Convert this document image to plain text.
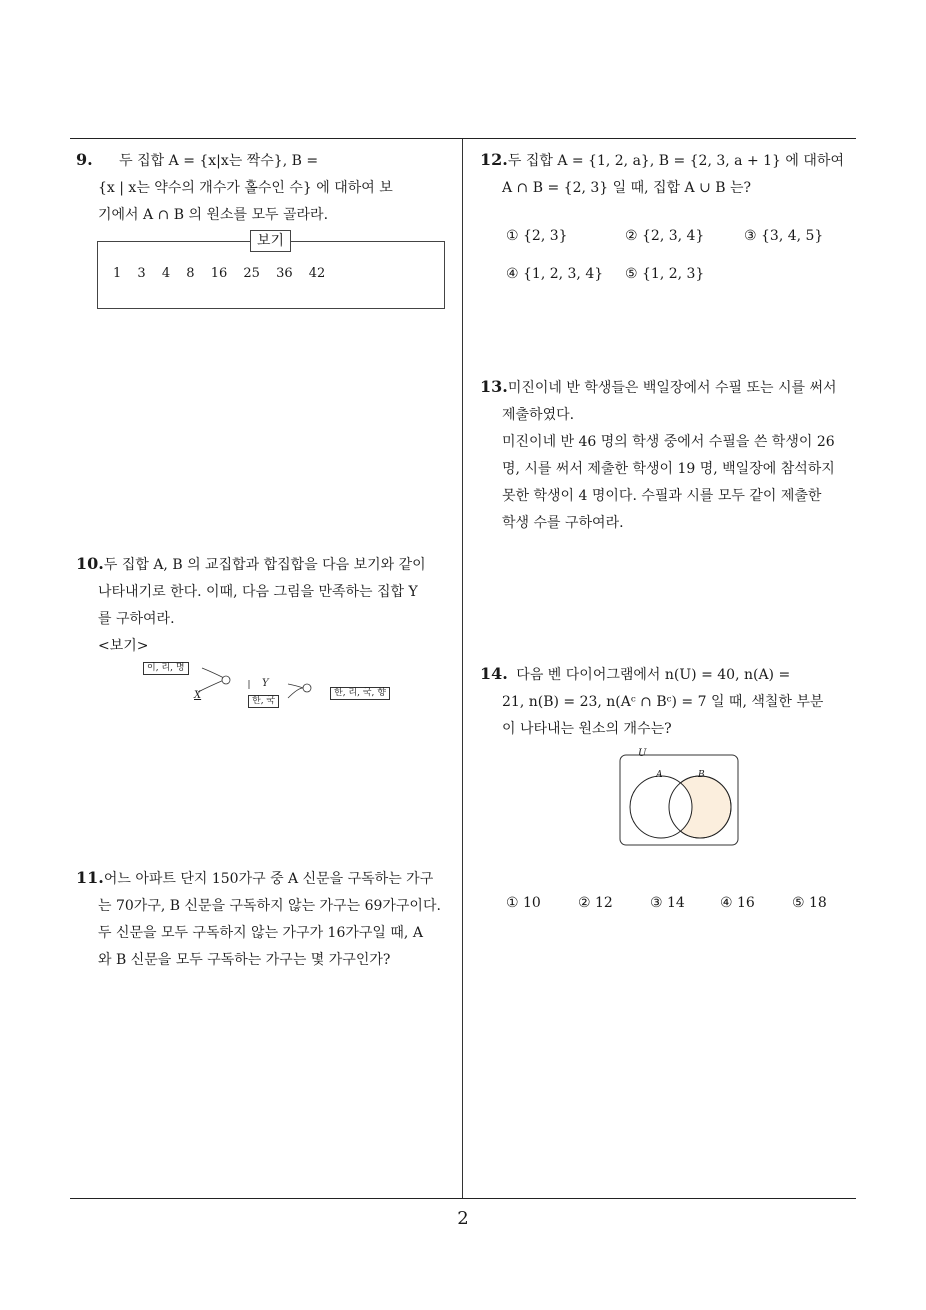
9. 두 집합 A = {x|x는 짝수}, B =
{x | x는 약수의 개수가 홀수인 수} 에 대하여 보
기에서 A ∩ B 의 원소를 모두 골라라.
보기
1 3 4 8 16 25 36 42
10.두 집합 A, B 의 교집합과 합집합을 다음 보기와 같이
나타내기로 한다. 이때, 다음 그림을 만족하는 집합 Y
를 구하여라.
<보기>
이, 리, 명
X
Y
한, 국
한, 리, 국, 향
11.어느 아파트 단지 150가구 중 A 신문을 구독하는 가구
는 70가구, B 신문을 구독하지 않는 가구는 69가구이다.
두 신문을 모두 구독하지 않는 가구가 16가구일 때, A
와 B 신문을 모두 구독하는 가구는 몇 가구인가?
12.두 집합 A = {1, 2, a}, B = {2, 3, a + 1} 에 대하여
A ∩ B = {2, 3} 일 때, 집합 A ∪ B 는?
① {2, 3}	② {2, 3, 4}	③ {3, 4, 5}
④ {1, 2, 3, 4} ⑤ {1, 2, 3}
13.미진이네 반 학생들은 백일장에서 수필 또는 시를 써서
제출하였다.
미진이네 반 46 명의 학생 중에서 수필을 쓴 학생이 26
명, 시를 써서 제출한 학생이 19 명, 백일장에 참석하지
못한 학생이 4 명이다. 수필과 시를 모두 같이 제출한
학생 수를 구하여라.
14. 다음 벤 다이어그램에서 n(U) = 40, n(A) =
21, n(B) = 23, n(Aᶜ ∩ Bᶜ) = 7 일 때, 색칠한 부분
이 나타내는 원소의 개수는?
U
A	B
① 10	② 12	③ 14	④ 16	⑤ 18
2
